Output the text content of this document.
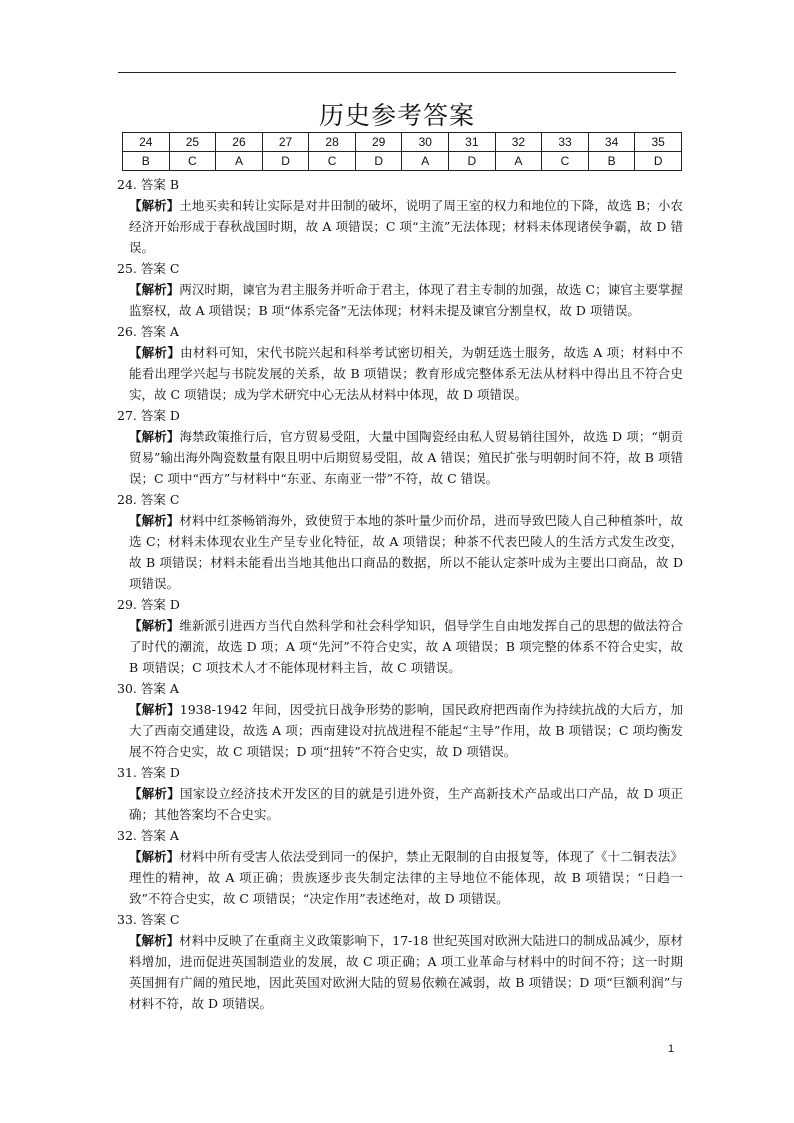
历史参考答案
24	25	26	27	28	29	30	31	32	33	34	35
B	C	A	D	C	D	A	D	A	C	B	D
24. 答案 B

【解析】土地买卖和转让实际是对井田制的破坏，说明了周王室的权力和地位的下降，故选 B；小农经济开始形成于春秋战国时期，故 A 项错误；C 项“主流”无法体现；材料未体现诸侯争霸，故 D 错误。

25. 答案 C

【解析】两汉时期，谏官为君主服务并听命于君主，体现了君主专制的加强，故选 C；谏官主要掌握监察权，故 A 项错误；B 项“体系完备”无法体现；材料未提及谏官分割皇权，故 D 项错误。

26. 答案 A

【解析】由材料可知，宋代书院兴起和科举考试密切相关，为朝廷选士服务，故选 A 项；材料中不能看出理学兴起与书院发展的关系，故 B 项错误；教育形成完整体系无法从材料中得出且不符合史实，故 C 项错误；成为学术研究中心无法从材料中体现，故 D 项错误。

27. 答案 D

【解析】海禁政策推行后，官方贸易受阻，大量中国陶瓷经由私人贸易销往国外，故选 D 项；“朝贡贸易”输出海外陶瓷数量有限且明中后期贸易受阻，故 A 错误；殖民扩张与明朝时间不符，故 B 项错误；C 项中“西方”与材料中“东亚、东南亚一带”不符，故 C 错误。

28. 答案 C

【解析】材料中红茶畅销海外，致使贸于本地的茶叶量少而价昂，进而导致巴陵人自己种植茶叶，故选 C；材料未体现农业生产呈专业化特征，故 A 项错误；种茶不代表巴陵人的生活方式发生改变，故 B 项错误；材料未能看出当地其他出口商品的数据，所以不能认定茶叶成为主要出口商品，故 D 项错误。

29. 答案 D

【解析】维新派引进西方当代自然科学和社会科学知识，倡导学生自由地发挥自己的思想的做法符合了时代的潮流，故选 D 项；A 项“先河”不符合史实，故 A 项错误；B 项完整的体系不符合史实，故 B 项错误；C 项技术人才不能体现材料主旨，故 C 项错误。

30. 答案 A

【解析】1938-1942 年间，因受抗日战争形势的影响，国民政府把西南作为持续抗战的大后方，加大了西南交通建设，故选 A 项；西南建设对抗战进程不能起“主导”作用，故 B 项错误；C 项均衡发展不符合史实，故 C 项错误；D 项“扭转”不符合史实，故 D 项错误。

31. 答案 D

【解析】国家设立经济技术开发区的目的就是引进外资，生产高新技术产品或出口产品，故 D 项正确；其他答案均不合史实。

32. 答案 A

【解析】材料中所有受害人依法受到同一的保护，禁止无限制的自由报复等，体现了《十二铜表法》理性的精神，故 A 项正确；贵族逐步丧失制定法律的主导地位不能体现，故 B 项错误；“日趋一致”不符合史实，故 C 项错误；“决定作用”表述绝对，故 D 项错误。

33. 答案 C

【解析】材料中反映了在重商主义政策影响下，17-18 世纪英国对欧洲大陆进口的制成品减少，原材料增加，进而促进英国制造业的发展，故 C 项正确；A 项工业革命与材料中的时间不符；这一时期英国拥有广阔的殖民地，因此英国对欧洲大陆的贸易依赖在减弱，故 B 项错误；D 项“巨额利润”与材料不符，故 D 项错误。

1
